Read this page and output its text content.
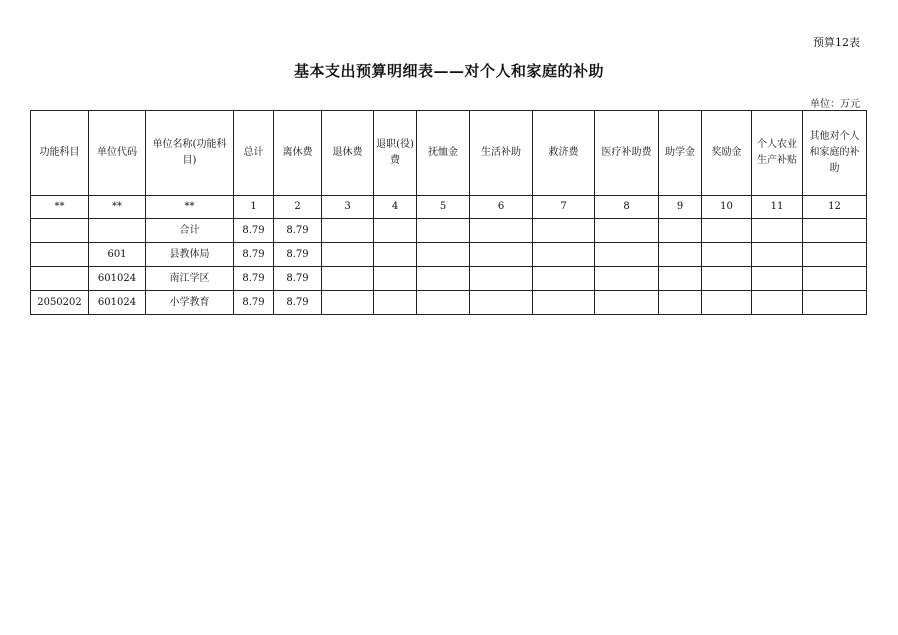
预算12表
基本支出预算明细表——对个人和家庭的补助
单位：万元
功能科目	单位代码	单位名称(功能科目)	总计	离休费	退休费	退职(役)费	抚恤金	生活补助	救济费	医疗补助费	助学金	奖励金	个人农业生产补贴	其他对个人和家庭的补助
**	**	**	1	2	3	4	5	6	7	8	9	10	11	12
		合计	8.79	8.79										
	601	县教体局	8.79	8.79										
	601024	南江学区	8.79	8.79										
2050202	601024	小学教育	8.79	8.79										
